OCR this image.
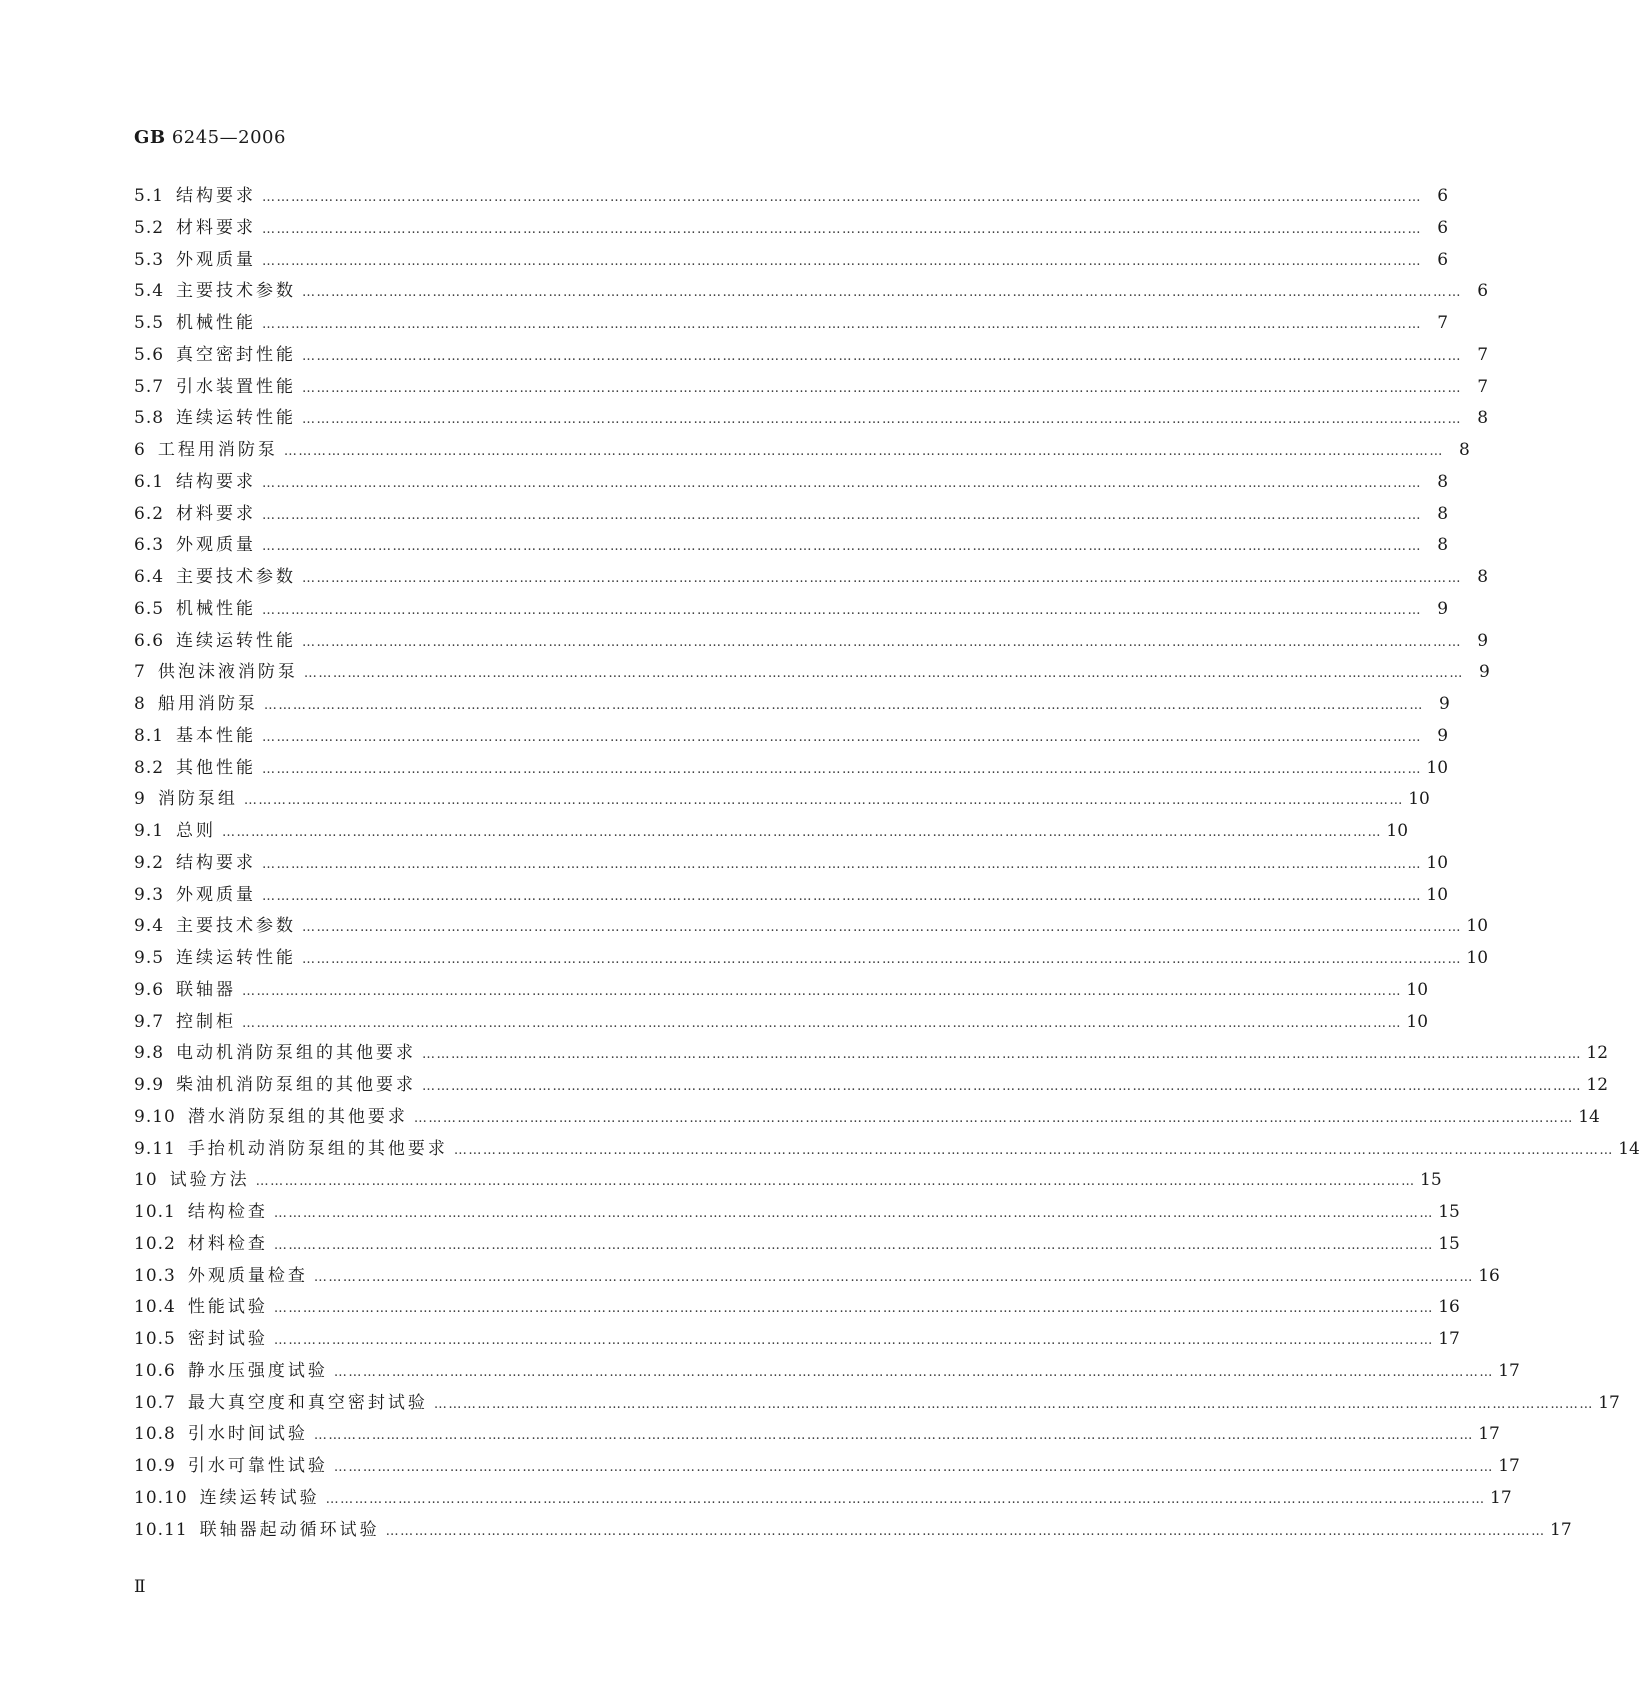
GB 6245—2006
5.1 结构要求 …………………………………………………………………………………………………………………………………………………………………………………………………………………… 6
5.2 材料要求 …………………………………………………………………………………………………………………………………………………………………………………………………………………… 6
5.3 外观质量 …………………………………………………………………………………………………………………………………………………………………………………………………………………… 6
5.4 主要技术参数 …………………………………………………………………………………………………………………………………………………………………………………………………………………… 6
5.5 机械性能 …………………………………………………………………………………………………………………………………………………………………………………………………………………… 7
5.6 真空密封性能 …………………………………………………………………………………………………………………………………………………………………………………………………………………… 7
5.7 引水装置性能 …………………………………………………………………………………………………………………………………………………………………………………………………………………… 7
5.8 连续运转性能 …………………………………………………………………………………………………………………………………………………………………………………………………………………… 8
6 工程用消防泵 …………………………………………………………………………………………………………………………………………………………………………………………………………………… 8
6.1 结构要求 …………………………………………………………………………………………………………………………………………………………………………………………………………………… 8
6.2 材料要求 …………………………………………………………………………………………………………………………………………………………………………………………………………………… 8
6.3 外观质量 …………………………………………………………………………………………………………………………………………………………………………………………………………………… 8
6.4 主要技术参数 …………………………………………………………………………………………………………………………………………………………………………………………………………………… 8
6.5 机械性能 …………………………………………………………………………………………………………………………………………………………………………………………………………………… 9
6.6 连续运转性能 …………………………………………………………………………………………………………………………………………………………………………………………………………………… 9
7 供泡沫液消防泵 …………………………………………………………………………………………………………………………………………………………………………………………………………………… 9
8 船用消防泵 …………………………………………………………………………………………………………………………………………………………………………………………………………………… 9
8.1 基本性能 …………………………………………………………………………………………………………………………………………………………………………………………………………………… 9
8.2 其他性能 …………………………………………………………………………………………………………………………………………………………………………………………………………………… 10
9 消防泵组 …………………………………………………………………………………………………………………………………………………………………………………………………………………… 10
9.1 总则 …………………………………………………………………………………………………………………………………………………………………………………………………………………… 10
9.2 结构要求 …………………………………………………………………………………………………………………………………………………………………………………………………………………… 10
9.3 外观质量 …………………………………………………………………………………………………………………………………………………………………………………………………………………… 10
9.4 主要技术参数 …………………………………………………………………………………………………………………………………………………………………………………………………………………… 10
9.5 连续运转性能 …………………………………………………………………………………………………………………………………………………………………………………………………………………… 10
9.6 联轴器 …………………………………………………………………………………………………………………………………………………………………………………………………………………… 10
9.7 控制柜 …………………………………………………………………………………………………………………………………………………………………………………………………………………… 10
9.8 电动机消防泵组的其他要求 …………………………………………………………………………………………………………………………………………………………………………………………………………………… 12
9.9 柴油机消防泵组的其他要求 …………………………………………………………………………………………………………………………………………………………………………………………………………………… 12
9.10 潜水消防泵组的其他要求 …………………………………………………………………………………………………………………………………………………………………………………………………………………… 14
9.11 手抬机动消防泵组的其他要求 …………………………………………………………………………………………………………………………………………………………………………………………………………………… 14
10 试验方法 …………………………………………………………………………………………………………………………………………………………………………………………………………………… 15
10.1 结构检查 …………………………………………………………………………………………………………………………………………………………………………………………………………………… 15
10.2 材料检查 …………………………………………………………………………………………………………………………………………………………………………………………………………………… 15
10.3 外观质量检查 …………………………………………………………………………………………………………………………………………………………………………………………………………………… 16
10.4 性能试验 …………………………………………………………………………………………………………………………………………………………………………………………………………………… 16
10.5 密封试验 …………………………………………………………………………………………………………………………………………………………………………………………………………………… 17
10.6 静水压强度试验 …………………………………………………………………………………………………………………………………………………………………………………………………………………… 17
10.7 最大真空度和真空密封试验 …………………………………………………………………………………………………………………………………………………………………………………………………………………… 17
10.8 引水时间试验 …………………………………………………………………………………………………………………………………………………………………………………………………………………… 17
10.9 引水可靠性试验 …………………………………………………………………………………………………………………………………………………………………………………………………………………… 17
10.10 连续运转试验 …………………………………………………………………………………………………………………………………………………………………………………………………………………… 17
10.11 联轴器起动循环试验 …………………………………………………………………………………………………………………………………………………………………………………………………………………… 17
Ⅱ
